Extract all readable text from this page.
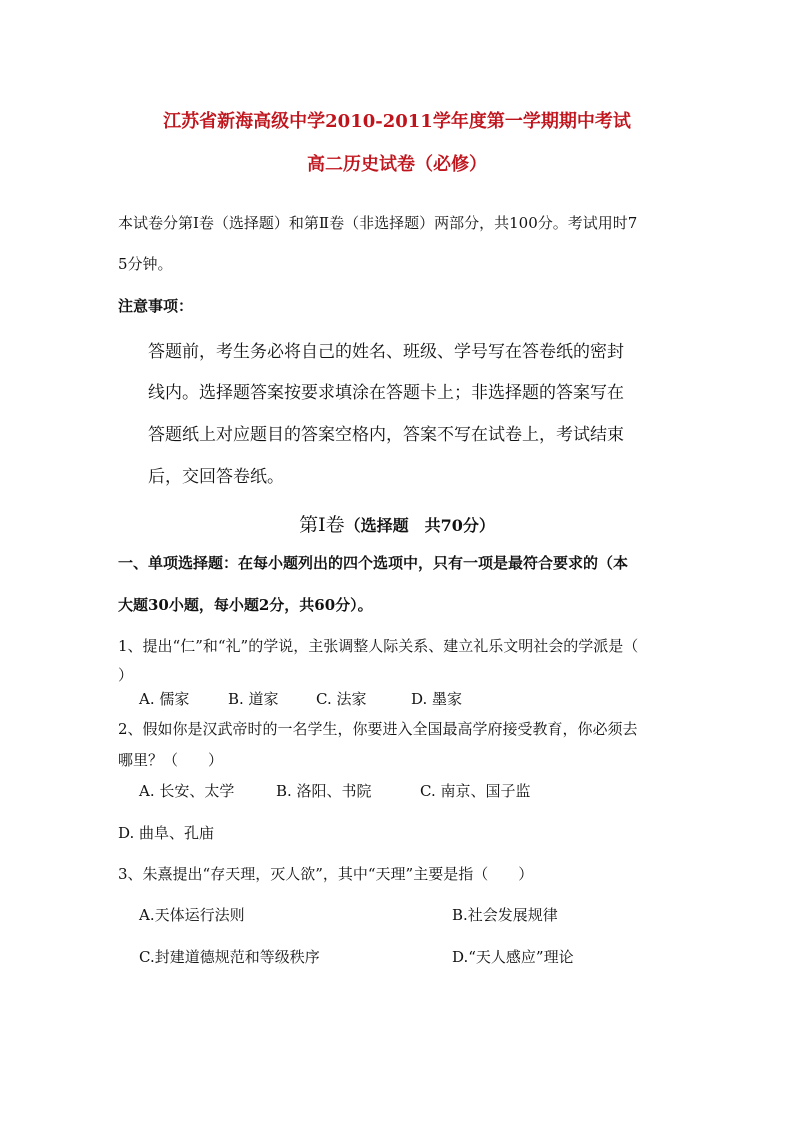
江苏省新海高级中学2010-2011学年度第一学期期中考试
高二历史试卷（必修）
本试卷分第Ⅰ卷（选择题）和第Ⅱ卷（非选择题）两部分，共100分。考试用时7
5分钟。
注意事项：
答题前，考生务必将自己的姓名、班级、学号写在答卷纸的密封
线内。选择题答案按要求填涂在答题卡上；非选择题的答案写在
答题纸上对应题目的答案空格内，答案不写在试卷上，考试结束
后，交回答卷纸。
第Ⅰ卷（选择题　共70分）
一、单项选择题：在每小题列出的四个选项中，只有一项是最符合要求的（本
大题30小题，每小题2分，共60分）。
1、提出“仁”和“礼”的学说，主张调整人际关系、建立礼乐文明社会的学派是（
）
A. 儒家	B. 道家 C. 法家	D. 墨家
2、假如你是汉武帝时的一名学生，你要进入全国最高学府接受教育，你必须去
哪里？（　　）
A. 长安、太学	B. 洛阳、书院	C. 南京、国子监
D. 曲阜、孔庙
3、朱熹提出“存天理，灭人欲”，其中“天理”主要是指（　　）
A.天体运行法则	B.社会发展规律
C.封建道德规范和等级秩序	D.“天人感应”理论
